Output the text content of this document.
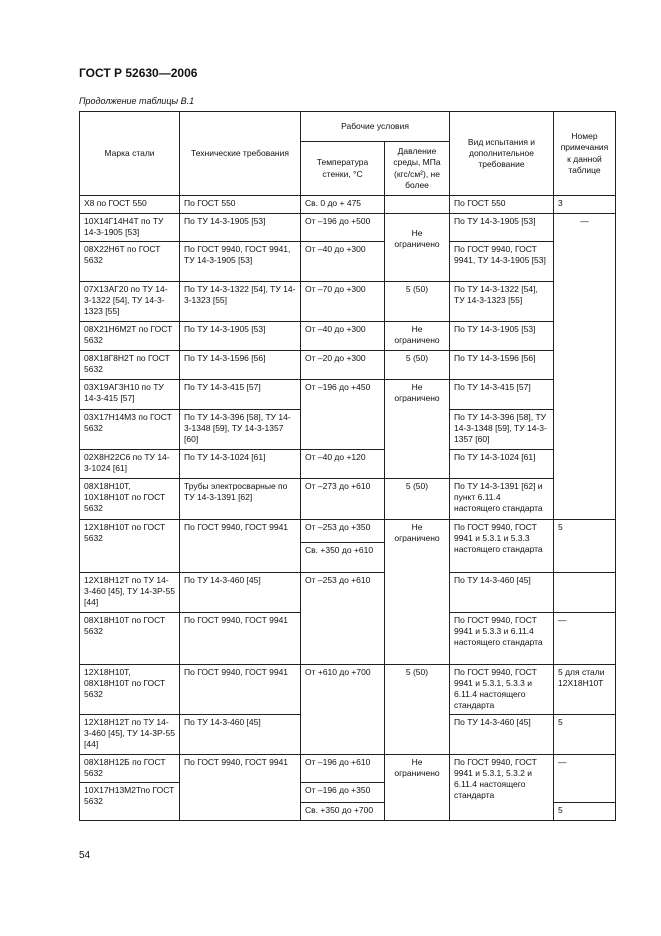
ГОСТ Р 52630—2006
Продолжение таблицы В.1
Марка стали	Технические требования	Рабочие условия		Вид испытания и дополнительное требование	Номер примечания к данной таблице
		Температура стенки, °С	Давление среды, МПа (кгс/см²), не более		
Х8 по ГОСТ 550	По ГОСТ 550	Св. 0 до + 475		По ГОСТ 550	3
10Х14Г14Н4Т по ТУ 14-3-1905 [53]	По ТУ 14-3-1905 [53]	От –196 до +500	Не ограничено	По ТУ 14-3-1905 [53]	—
08Х22Н6Т по ГОСТ 5632	По ГОСТ 9940, ГОСТ 9941, ТУ 14-3-1905 [53]	От –40 до +300		По ГОСТ 9940, ГОСТ 9941, ТУ 14-3-1905 [53]	
07Х13АГ20 по ТУ 14-3-1322 [54], ТУ 14-3-1323 [55]	По ТУ 14-3-1322 [54], ТУ 14-3-1323 [55]	От –70 до +300	5 (50)	По ТУ 14-3-1322 [54], ТУ 14-3-1323 [55]	
08Х21Н6М2Т по ГОСТ 5632	По ТУ 14-3-1905 [53]	От –40 до +300	Не ограничено	По ТУ 14-3-1905 [53]	
08Х18Г8Н2Т по ГОСТ 5632	По ТУ 14-3-1596 [56]	От –20 до +300	5 (50)	По ТУ 14-3-1596 [56]	
03Х19АГ3Н10 по ТУ 14-3-415 [57]	По ТУ 14-3-415 [57]	От –196 до +450	Не ограничено	По ТУ 14-3-415 [57]	
03Х17Н14М3 по ГОСТ 5632	По ТУ 14-3-396 [58], ТУ 14-3-1348 [59], ТУ 14-3-1357 [60]			По ТУ 14-3-396 [58], ТУ 14-3-1348 [59], ТУ 14-3-1357 [60]	
02Х8Н22С6 по ТУ 14-3-1024 [61]	По ТУ 14-3-1024 [61]	От –40 до +120		По ТУ 14-3-1024 [61]	
08Х18Н10Т, 10Х18Н10Т по ГОСТ 5632	Трубы электросварные по ТУ 14-3-1391 [62]	От –273 до +610	5 (50)	По ТУ 14-3-1391 [62] и пункт 6.11.4 настоящего стандарта	
12Х18Н10Т по ГОСТ 5632	По ГОСТ 9940, ГОСТ 9941	От –253 до +350	Не ограничено	По ГОСТ 9940, ГОСТ 9941 и 5.3.1 и 5.3.3 настоящего стандарта	5
		Св. +350 до +610			
12Х18Н12Т по ТУ 14-3-460 [45], ТУ 14-3Р-55 [44]	По ТУ 14-3-460 [45]	От –253 до +610		По ТУ 14-3-460 [45]	
08Х18Н10Т по ГОСТ 5632	По ГОСТ 9940, ГОСТ 9941			По ГОСТ 9940, ГОСТ 9941 и 5.3.3 и 6.11.4 настоящего стандарта	—
12Х18Н10Т, 08Х18Н10Т по ГОСТ 5632	По ГОСТ 9940, ГОСТ 9941	От +610 до +700	5 (50)	По ГОСТ 9940, ГОСТ 9941 и 5.3.1, 5.3.3 и 6.11.4 настоящего стандарта	5 для стали 12Х18Н10Т
12Х18Н12Т по ТУ 14-3-460 [45], ТУ 14-3Р-55 [44]	По ТУ 14-3-460 [45]			По ТУ 14-3-460 [45]	5
08Х18Н12Б по ГОСТ 5632	По ГОСТ 9940, ГОСТ 9941	От –196 до +610	Не ограничено	По ГОСТ 9940, ГОСТ 9941 и 5.3.1, 5.3.2 и 6.11.4 настоящего стандарта	—
10Х17Н13М2Тпо ГОСТ 5632		От –196 до +350			
		Св. +350 до +700			5
54
